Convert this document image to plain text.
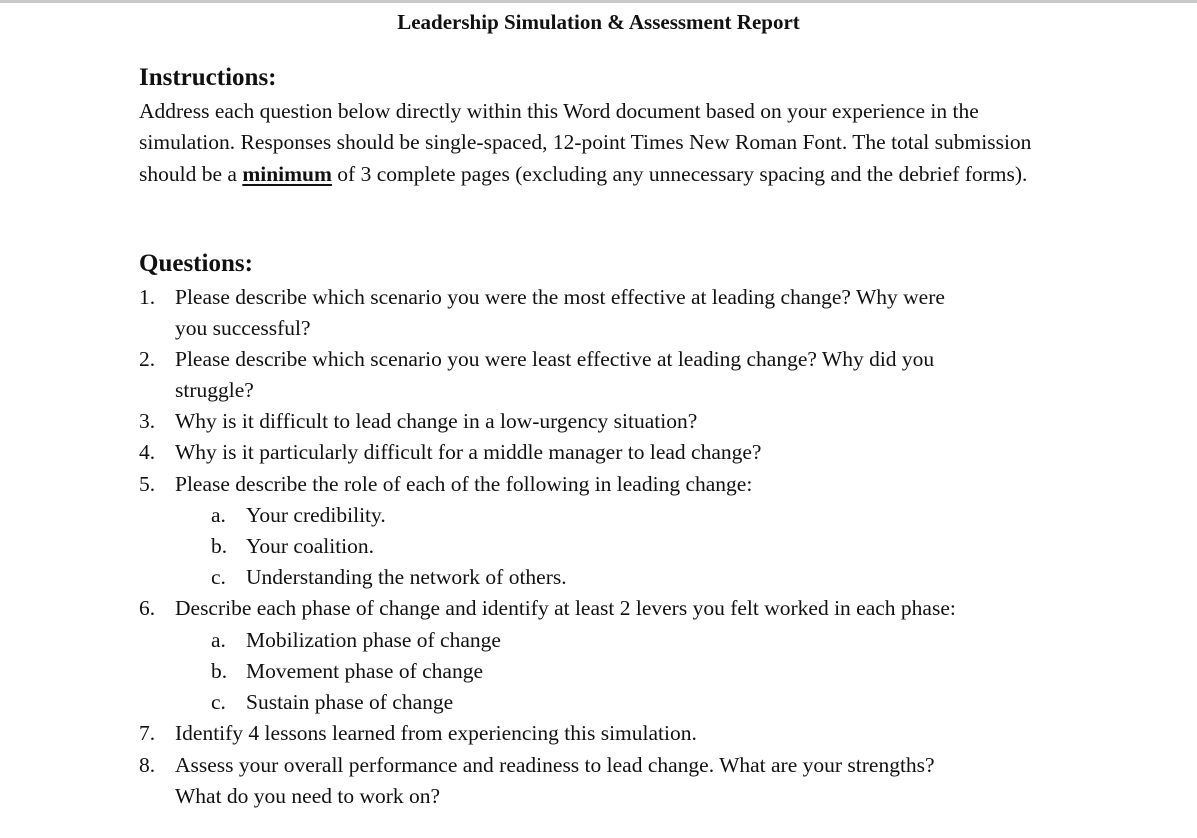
Leadership Simulation & Assessment Report
Instructions:
Address each question below directly within this Word document based on your experience in the simulation. Responses should be single-spaced, 12-point Times New Roman Font. The total submission should be a minimum of 3 complete pages (excluding any unnecessary spacing and the debrief forms).
Questions:
1. Please describe which scenario you were the most effective at leading change? Why were
you successful?
2. Please describe which scenario you were least effective at leading change? Why did you
struggle?
3. Why is it difficult to lead change in a low-urgency situation?
4. Why is it particularly difficult for a middle manager to lead change?
5. Please describe the role of each of the following in leading change:
a. Your credibility.
b. Your coalition.
c. Understanding the network of others.
6. Describe each phase of change and identify at least 2 levers you felt worked in each phase:
a. Mobilization phase of change
b. Movement phase of change
c. Sustain phase of change
7. Identify 4 lessons learned from experiencing this simulation.
8. Assess your overall performance and readiness to lead change. What are your strengths?
What do you need to work on?
